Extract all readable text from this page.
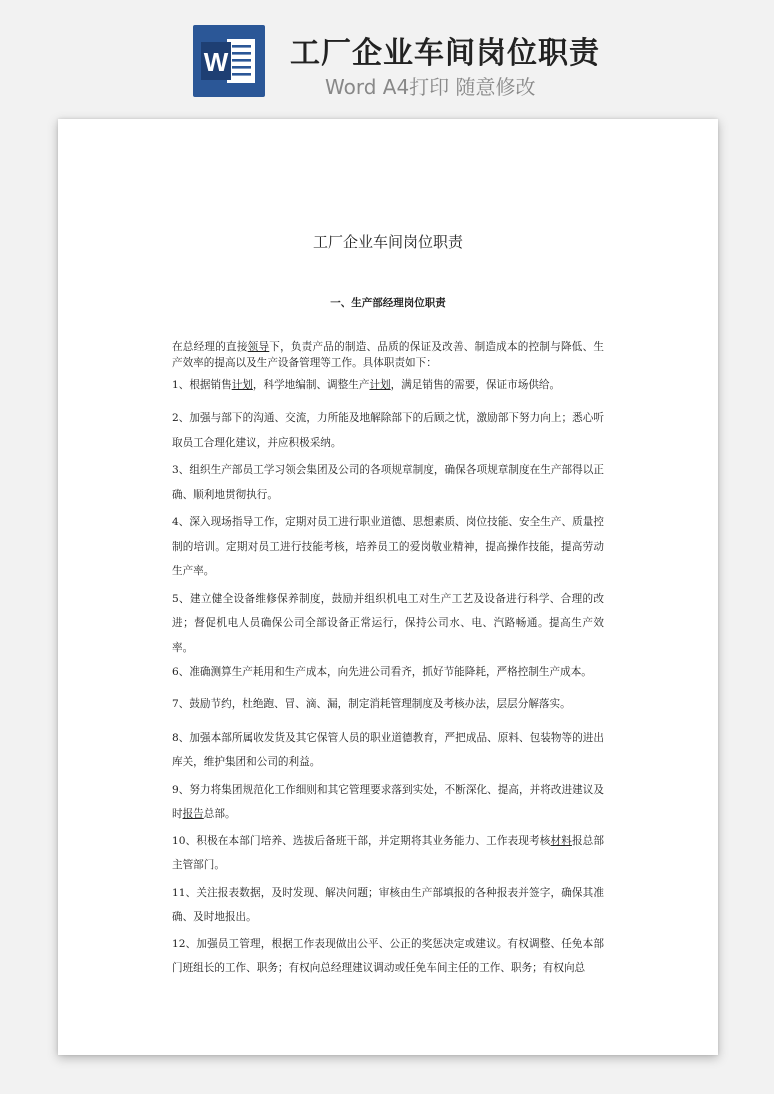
W 工厂企业车间岗位职责
Word A4打印 随意修改
工厂企业车间岗位职责
一、生产部经理岗位职责

在总经理的直接领导下，负责产品的制造、品质的保证及改善、制造成本的控制与降低、生产效率的提高以及生产设备管理等工作。具体职责如下：

1、根据销售计划，科学地编制、调整生产计划，满足销售的需要，保证市场供给。

2、加强与部下的沟通、交流，力所能及地解除部下的后顾之忧，激励部下努力向上；悉心听取员工合理化建议，并应积极采纳。

3、组织生产部员工学习领会集团及公司的各项规章制度，确保各项规章制度在生产部得以正确、顺利地贯彻执行。

4、深入现场指导工作，定期对员工进行职业道德、思想素质、岗位技能、安全生产、质量控制的培训。定期对员工进行技能考核，培养员工的爱岗敬业精神，提高操作技能，提高劳动生产率。

5、建立健全设备维修保养制度，鼓励并组织机电工对生产工艺及设备进行科学、合理的改进；督促机电人员确保公司全部设备正常运行，保持公司水、电、汽路畅通。提高生产效率。

6、准确测算生产耗用和生产成本，向先进公司看齐，抓好节能降耗，严格控制生产成本。

7、鼓励节约，杜绝跑、冒、滴、漏，制定消耗管理制度及考核办法，层层分解落实。

8、加强本部所属收发货及其它保管人员的职业道德教育，严把成品、原料、包装物等的进出库关，维护集团和公司的利益。

9、努力将集团规范化工作细则和其它管理要求落到实处，不断深化、提高，并将改进建议及时报告总部。

10、积极在本部门培养、选拔后备班干部，并定期将其业务能力、工作表现考核材料报总部主管部门。

11、关注报表数据，及时发现、解决问题；审核由生产部填报的各种报表并签字，确保其准确、及时地报出。

12、加强员工管理，根据工作表现做出公平、公正的奖惩决定或建议。有权调整、任免本部门班组长的工作、职务；有权向总经理建议调动或任免车间主任的工作、职务；有权向总
